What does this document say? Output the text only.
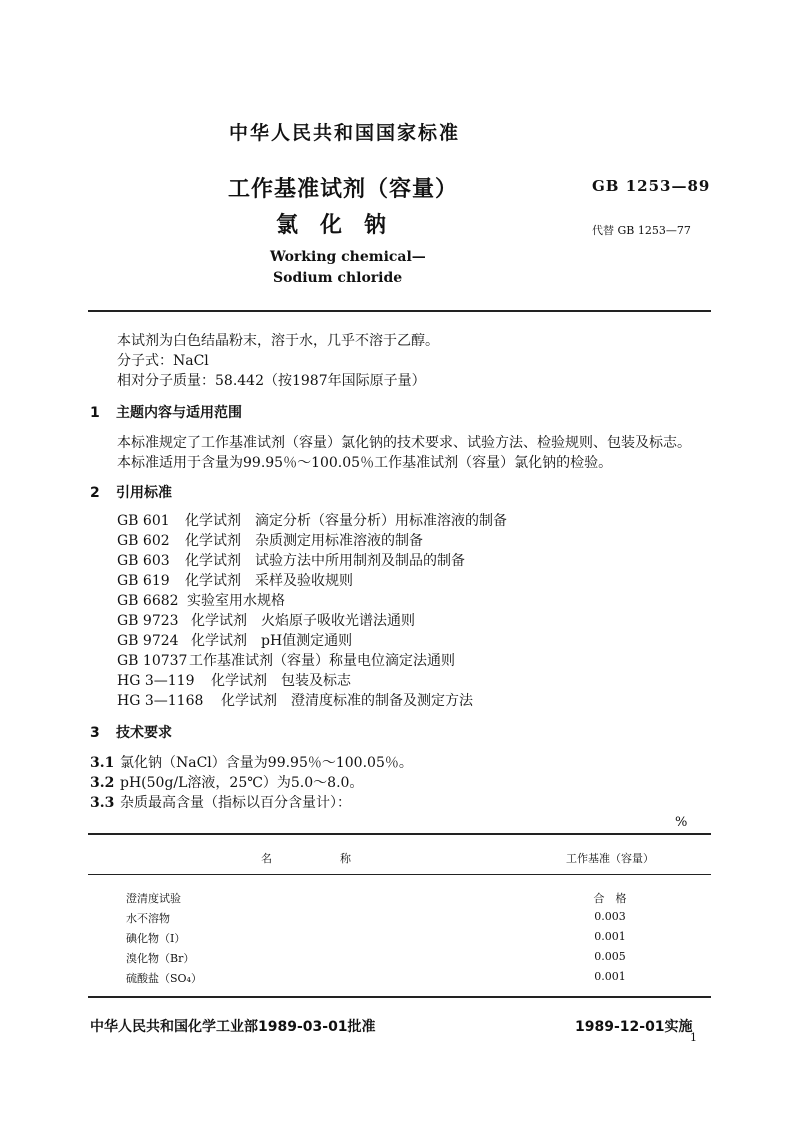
中华人民共和国国家标准
工作基准试剂（容量）
氯化钠
GB 1253—89
代替 GB 1253—77
Working chemical—
Sodium chloride
本试剂为白色结晶粉末，溶于水，几乎不溶于乙醇。
分子式：NaCl
相对分子质量：58.442（按1987年国际原子量）
1 主题内容与适用范围
本标准规定了工作基准试剂（容量）氯化钠的技术要求、试验方法、检验规则、包装及标志。
本标准适用于含量为99.95％～100.05％工作基准试剂（容量）氯化钠的检验。
2 引用标准
GB 601 化学试剂　滴定分析（容量分析）用标准溶液的制备
GB 602 化学试剂　杂质测定用标准溶液的制备
GB 603 化学试剂　试验方法中所用制剂及制品的制备
GB 619 化学试剂　采样及验收规则
GB 6682 实验室用水规格
GB 9723 化学试剂　火焰原子吸收光谱法通则
GB 9724 化学试剂　pH值测定通则
GB 10737 工作基准试剂（容量）称量电位滴定法通则
HG 3—119 化学试剂　包装及标志
HG 3—1168 化学试剂　澄清度标准的制备及测定方法
3 技术要求
3.1 氯化钠（NaCl）含量为99.95％～100.05％。
3.2 pH(50g/L溶液，25℃）为5.0～8.0。
3.3 杂质最高含量（指标以百分含量计）：
%
名	称	工作基准（容量）
澄清度试验	合　格
水不溶物	0.003
碘化物（I）	0.001
溴化物（Br）	0.005
硫酸盐（SO₄）	0.001
中华人民共和国化学工业部1989-03-01批准	1989-12-01实施
1
